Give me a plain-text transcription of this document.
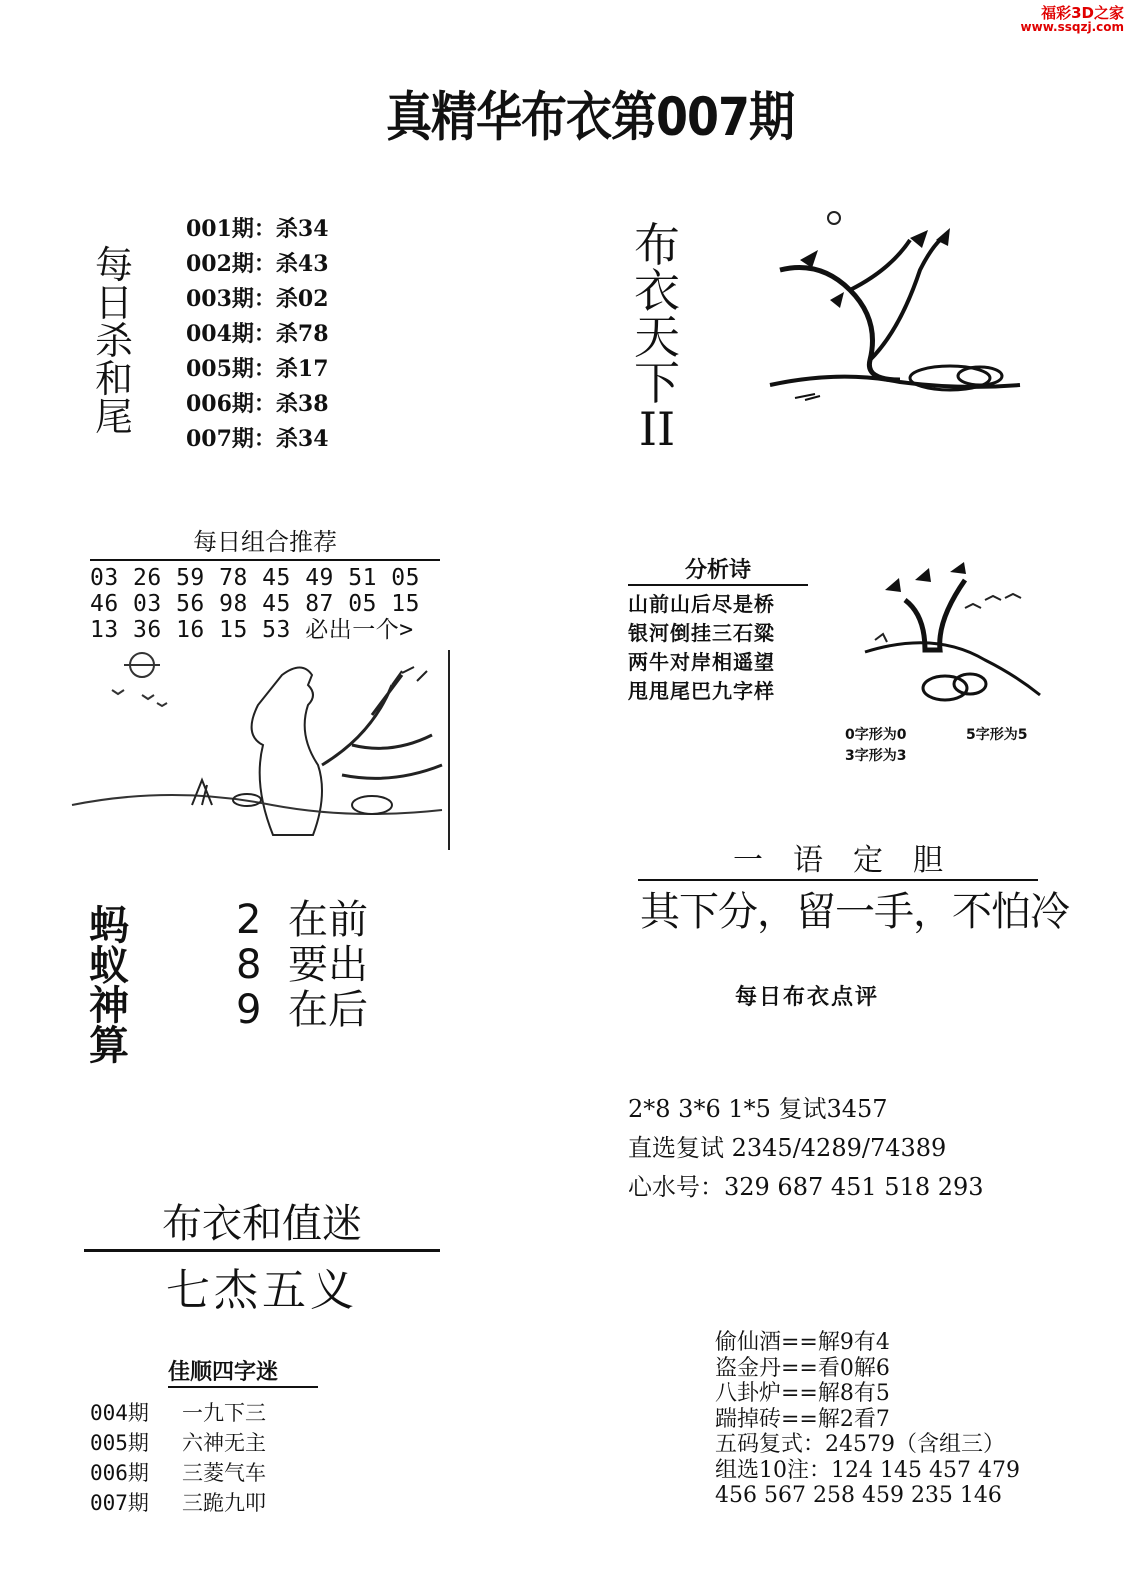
福彩3D之家
www.ssqzj.com
真精华布衣第007期
每
日
杀
和
尾
001期：杀34
002期：杀43
003期：杀02
004期：杀78
005期：杀17
006期：杀38
007期：杀34
布
衣
天
下
II
每日组合推荐
03 26 59 78 45 49 51 05
46 03 56 98 45 87 05 15
13 36 16 15 53 必出一个>
分析诗
山前山后尽是桥
银河倒挂三石粱
两牛对岸相遥望
甩甩尾巴九字样
0字形为0	5字形为5
3字形为3
一语定胆
其下分，留一手，不怕冷
蚂
蚁
神
算
2 在前
8 要出
9 在后	每日布衣点评
2*8 3*6 1*5 复试3457
直选复试 2345/4289/74389
心水号：329 687 451 518 293
布衣和值迷
七杰五义
佳顺四字迷
004期 一九下三
005期 六神无主
006期 三菱气车
007期 三跪九叩
偷仙酒==解9有4
盗金丹==看0解6
八卦炉==解8有5
踹掉砖==解2看7
五码复式：24579（含组三）
组选10注：124 145 457 479
456 567 258 459 235 146
